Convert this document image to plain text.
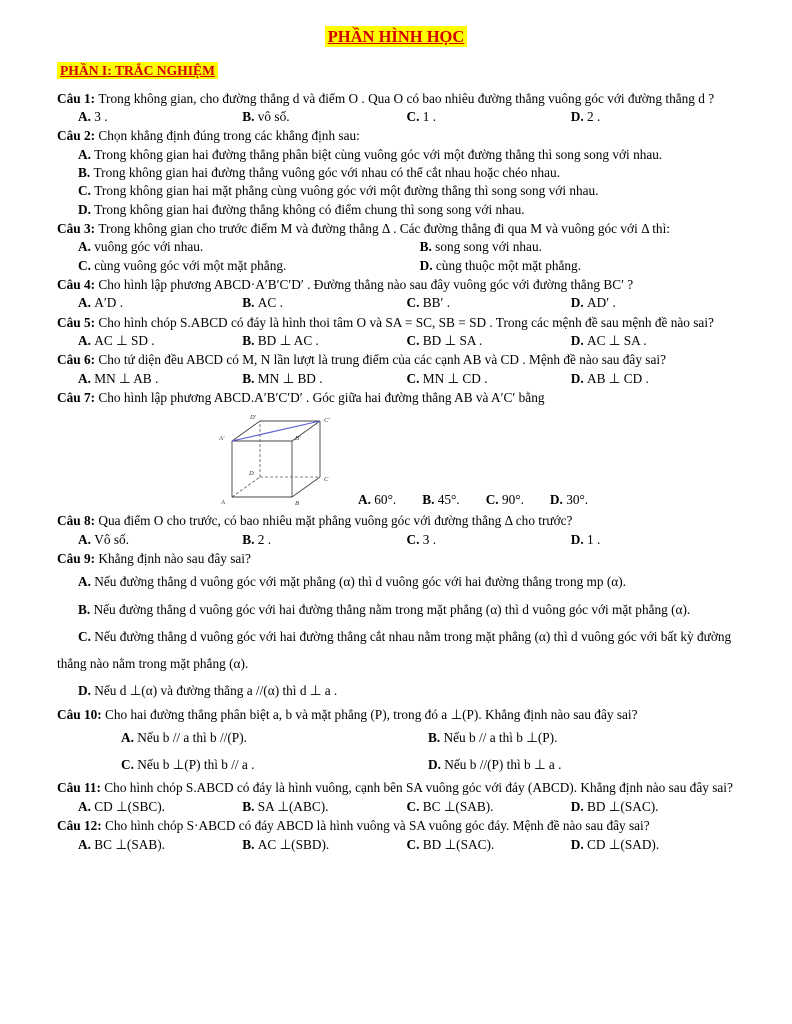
PHẦN HÌNH HỌC
PHẦN I: TRẮC NGHIỆM

Câu 1: Trong không gian, cho đường thẳng d và điểm O . Qua O có bao nhiêu đường thẳng vuông góc với đường thẳng d ?

A. 3 .	B. vô số.	C. 1 .	D. 2 .

Câu 2: Chọn khẳng định đúng trong các khẳng định sau:

A. Trong không gian hai đường thẳng phân biệt cùng vuông góc với một đường thẳng thì song song với nhau.
B. Trong không gian hai đường thẳng vuông góc với nhau có thể cắt nhau hoặc chéo nhau.
C. Trong không gian hai mặt phẳng cùng vuông góc với một đường thẳng thì song song với nhau.
D. Trong không gian hai đường thẳng không có điểm chung thì song song với nhau.

Câu 3: Trong không gian cho trước điểm M và đường thẳng Δ . Các đường thẳng đi qua M và vuông góc với Δ thì:

A. vuông góc với nhau.	B. song song với nhau.
C. cùng vuông góc với một mặt phẳng.	D. cùng thuộc một mặt phẳng.

Câu 4: Cho hình lập phương ABCD·A′B′C′D′ . Đường thẳng nào sau đây vuông góc với đường thẳng BC′ ?

A. A′D .	B. AC .	C. BB′ .	D. AD′ .

Câu 5: Cho hình chóp S.ABCD có đáy là hình thoi tâm O và SA = SC, SB = SD . Trong các mệnh đề sau mệnh đề nào sai?

A. AC ⊥ SD .	B. BD ⊥ AC .	C. BD ⊥ SA .	D. AC ⊥ SA .

Câu 6: Cho tứ diện đều ABCD có M, N lần lượt là trung điểm của các cạnh AB và CD . Mệnh đề nào sau đây sai?

A. MN ⊥ AB .	B. MN ⊥ BD .	C. MN ⊥ CD .	D. AB ⊥ CD .

Câu 7: Cho hình lập phương ABCD.A′B′C′D′ . Góc giữa hai đường thẳng AB và A′C′ bằng

A	B
C
D
A′	B′
C′
D′
A. 60°. B. 45°. C. 90°. D. 30°.

Câu 8: Qua điểm O cho trước, có bao nhiêu mặt phẳng vuông góc với đường thẳng Δ cho trước?

A. Vô số.	B. 2 .	C. 3 .	D. 1 .

Câu 9: Khẳng định nào sau đây sai?

A. Nếu đường thẳng d vuông góc với mặt phẳng (α) thì d vuông góc với hai đường thẳng trong mp (α).
B. Nếu đường thẳng d vuông góc với hai đường thẳng nằm trong mặt phẳng (α) thì d vuông góc với mặt phẳng (α).
C. Nếu đường thẳng d vuông góc với hai đường thẳng cắt nhau nằm trong mặt phẳng (α) thì d vuông góc với bất kỳ đường thẳng nào nằm trong mặt phẳng (α).
D. Nếu d ⊥(α) và đường thẳng a //(α) thì d ⊥ a .

Câu 10: Cho hai đường thẳng phân biệt a, b và mặt phẳng (P), trong đó a ⊥(P). Khẳng định nào sau đây sai?

A. Nếu b // a thì b //(P).	B. Nếu b // a thì b ⊥(P).
C. Nếu b ⊥(P) thì b // a .	D. Nếu b //(P) thì b ⊥ a .

Câu 11: Cho hình chóp S.ABCD có đáy là hình vuông, cạnh bên SA vuông góc với đáy (ABCD). Khẳng định nào sau đây sai?

A. CD ⊥(SBC).	B. SA ⊥(ABC).	C. BC ⊥(SAB).	D. BD ⊥(SAC).

Câu 12: Cho hình chóp S·ABCD có đáy ABCD là hình vuông và SA vuông góc đáy. Mệnh đề nào sau đây sai?

A. BC ⊥(SAB).	B. AC ⊥(SBD).	C. BD ⊥(SAC).	D. CD ⊥(SAD).
